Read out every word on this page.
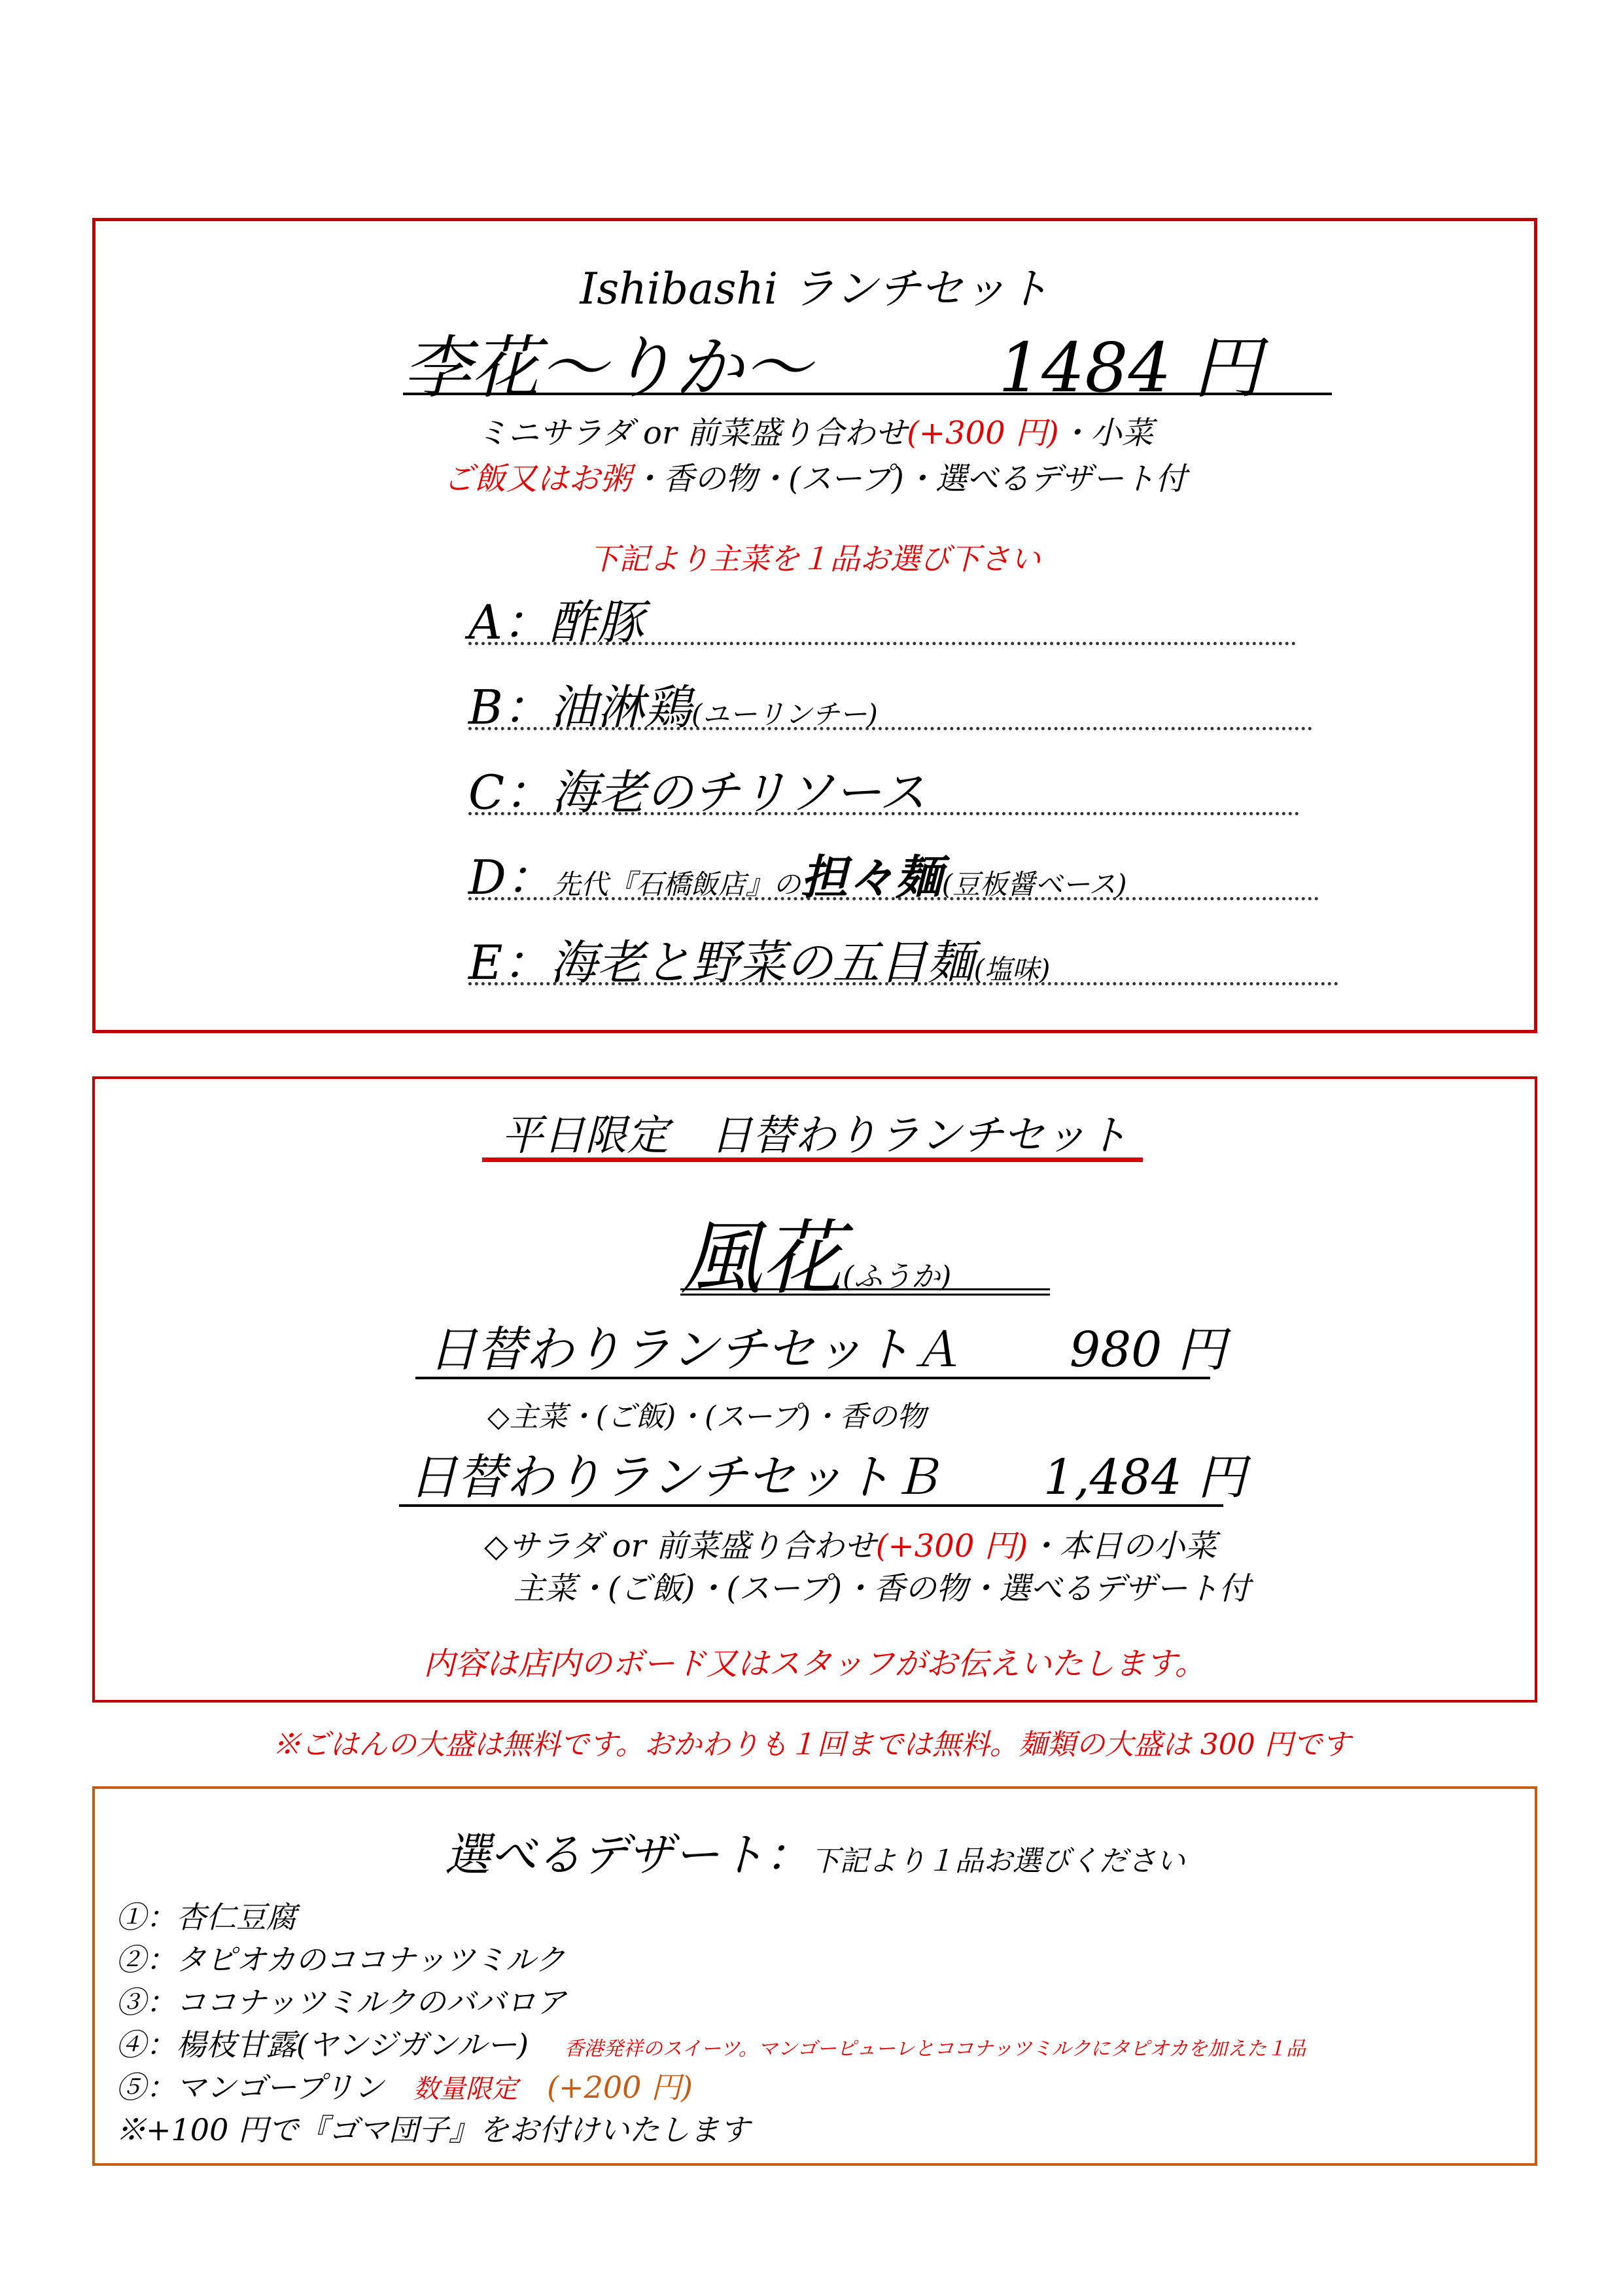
Ishibashi ランチセット
李花〜りか〜	1484 円
ミニサラダ or 前菜盛り合わせ(+300 円)・小菜
ご飯又はお粥・香の物・(スープ)・選べるデザート付
下記より主菜を１品お選び下さい
A：酢豚
B：油淋鶏(ユーリンチー)
C：海老のチリソース
D：先代『石橋飯店』の担々麺(豆板醤ベース)
E：海老と野菜の五目麺(塩味)
平日限定　日替わりランチセット
風花(ふうか)
日替わりランチセットＡ 980 円
◇主菜・(ご飯)・(スープ)・香の物
日替わりランチセットＢ 1,484 円
◇サラダ or 前菜盛り合わせ(+300 円)・本日の小菜
主菜・(ご飯)・(スープ)・香の物・選べるデザート付
内容は店内のボード又はスタッフがお伝えいたします。
※ごはんの大盛は無料です。おかわりも１回までは無料。麺類の大盛は 300 円です
選べるデザート：下記より１品お選びください
①：杏仁豆腐
②：タピオカのココナッツミルク
③：ココナッツミルクのババロア
④：楊枝甘露(ヤンジガンルー) 香港発祥のスイーツ。マンゴーピューレとココナッツミルクにタピオカを加えた１品
⑤：マンゴープリン 数量限定 (+200 円)
※+100 円で『ゴマ団子』をお付けいたします
